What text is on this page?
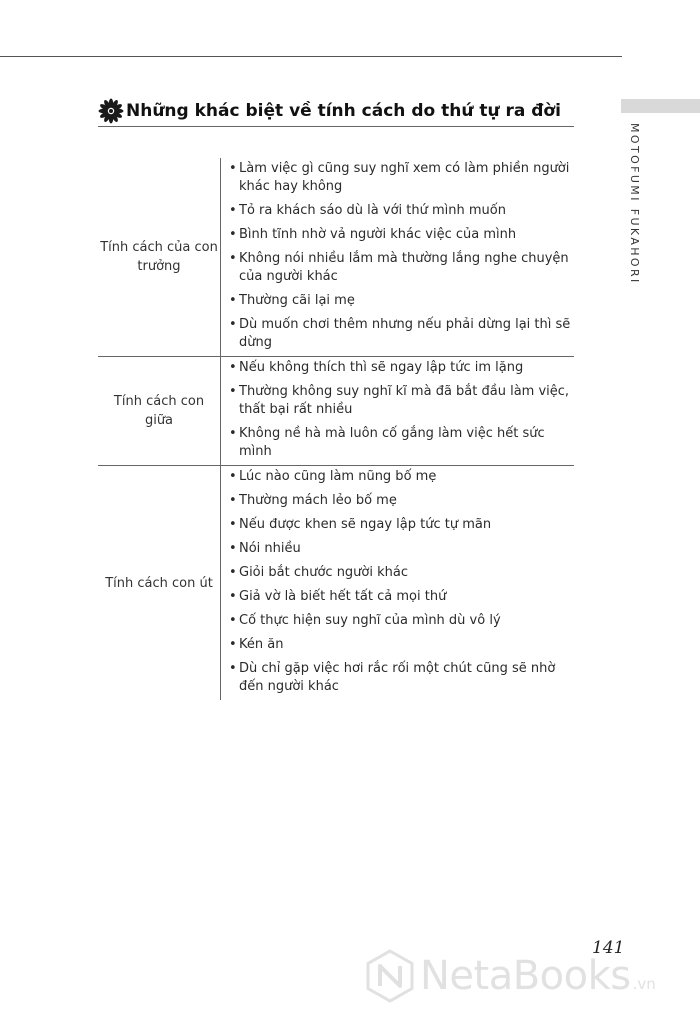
MOTOFUMI FUKAHORI
Những khác biệt về tính cách do thứ tự ra đời
Tính cách của con trưởng
• Làm việc gì cũng suy nghĩ xem có làm phiền người khác hay không
• Tỏ ra khách sáo dù là với thứ mình muốn
• Bình tĩnh nhờ vả người khác việc của mình
• Không nói nhiều lắm mà thường lắng nghe chuyện của người khác
• Thường cãi lại mẹ
• Dù muốn chơi thêm nhưng nếu phải dừng lại thì sẽ dừng
Tính cách con giữa
• Nếu không thích thì sẽ ngay lập tức im lặng
• Thường không suy nghĩ kĩ mà đã bắt đầu làm việc, thất bại rất nhiều
• Không nề hà mà luôn cố gắng làm việc hết sức mình
Tính cách con út
• Lúc nào cũng làm nũng bố mẹ
• Thường mách lẻo bố mẹ
• Nếu được khen sẽ ngay lập tức tự mãn
• Nói nhiều
• Giỏi bắt chước người khác
• Giả vờ là biết hết tất cả mọi thứ
• Cố thực hiện suy nghĩ của mình dù vô lý
• Kén ăn
• Dù chỉ gặp việc hơi rắc rối một chút cũng sẽ nhờ đến người khác
141
NetaBooks .vn
